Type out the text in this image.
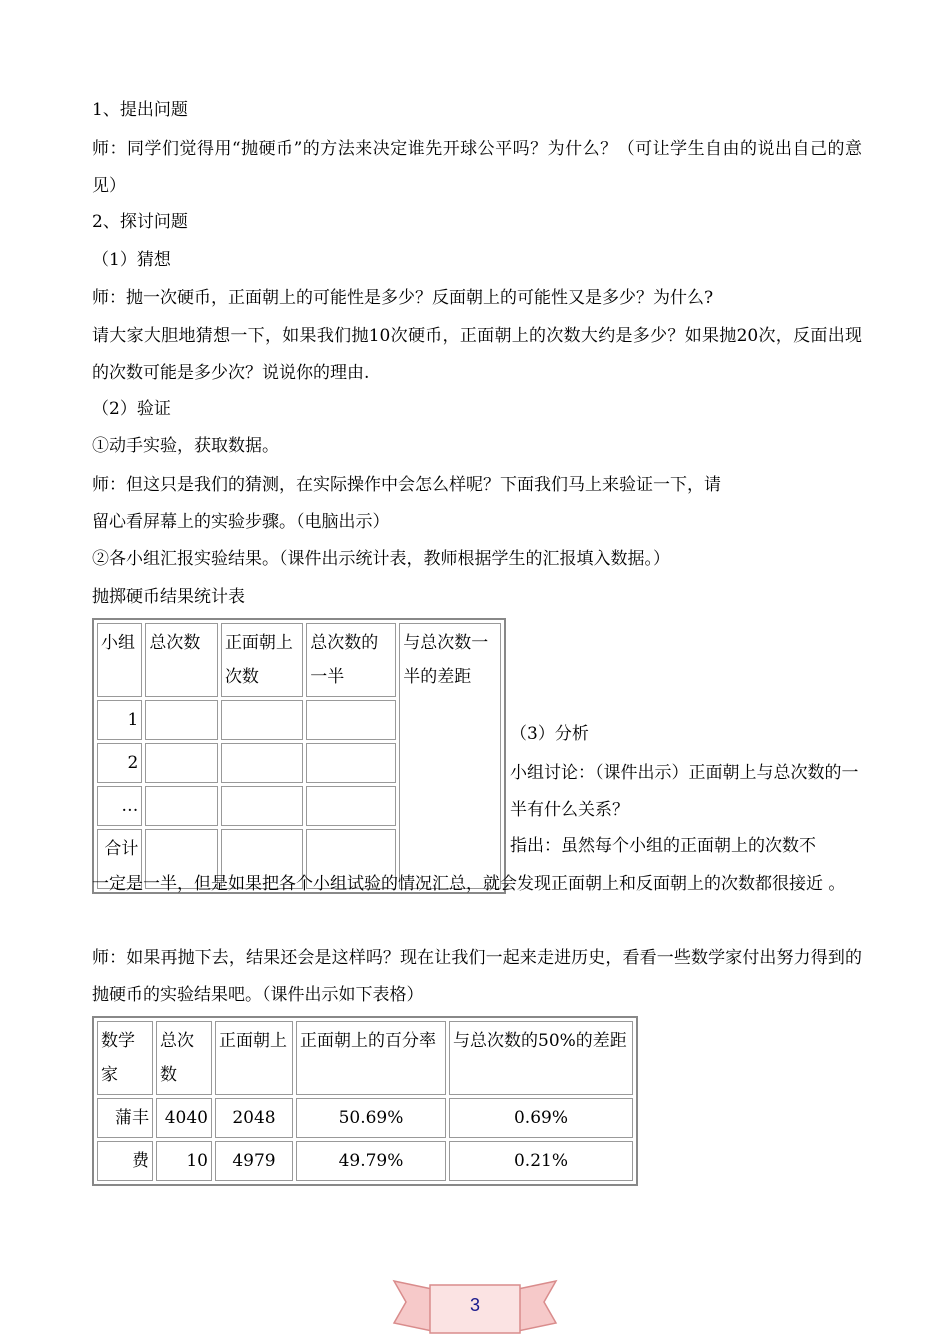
1、提出问题
师：同学们觉得用“抛硬币”的方法来决定谁先开球公平吗？为什么？（可让学生自由的说出自己的意见）
2、探讨问题
（1）猜想
师：抛一次硬币，正面朝上的可能性是多少？反面朝上的可能性又是多少？为什么?
请大家大胆地猜想一下，如果我们抛10次硬币，正面朝上的次数大约是多少？如果抛20次，反面出现的次数可能是多少次？说说你的理由.
（2）验证
①动手实验，获取数据。
师：但这只是我们的猜测，在实际操作中会怎么样呢？下面我们马上来验证一下，请
留心看屏幕上的实验步骤。（电脑出示）
②各小组汇报实验结果。（课件出示统计表，教师根据学生的汇报填入数据。）
抛掷硬币结果统计表
小组	总次数	正面朝上次数	总次数的一半	与总次数一半的差距
1				
2				
…				
合计				
（3）分析
小组讨论：（课件出示）正面朝上与总次数的一半有什么关系？
指出：虽然每个小组的正面朝上的次数不
一定是一半，但是如果把各个小组试验的情况汇总，就会发现正面朝上和反面朝上的次数都很接近 。
师：如果再抛下去，结果还会是这样吗？现在让我们一起来走进历史，看看一些数学家付出努力得到的抛硬币的实验结果吧。（课件出示如下表格）
数学家	总次数	正面朝上	正面朝上的百分率	与总次数的50%的差距
蒲丰	4040	2048	50.69%	0.69%
费	10	4979	49.79%	0.21%
3
